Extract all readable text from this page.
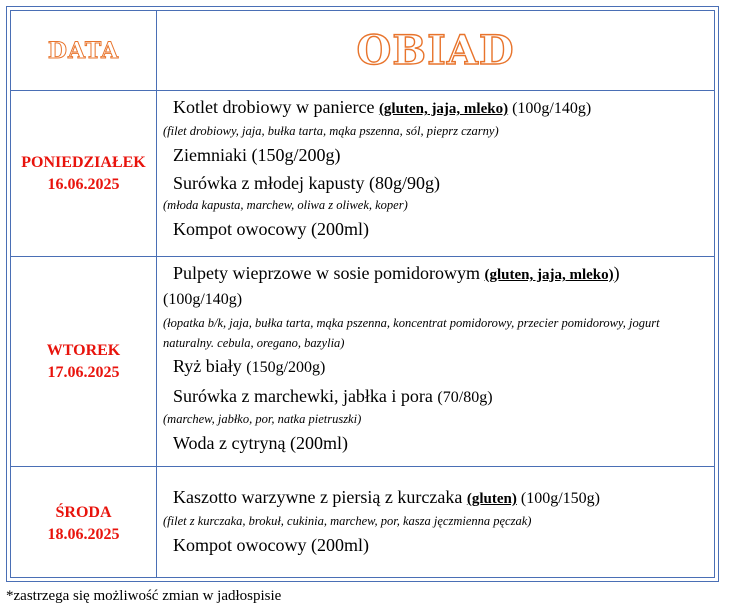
DATA	OBIAD
PONIEDZIAŁEK
16.06.2025
Kotlet drobiowy w panierce (gluten, jaja, mleko) (100g/140g)
(filet drobiowy, jaja, bułka tarta, mąka pszenna, sól, pieprz czarny)
Ziemniaki (150g/200g)
Surówka z młodej kapusty (80g/90g)
(młoda kapusta, marchew, oliwa z oliwek, koper)
Kompot owocowy (200ml)
WTOREK
17.06.2025
Pulpety wieprzowe w sosie pomidorowym (gluten, jaja, mleko))
(100g/140g)
(łopatka b/k, jaja, bułka tarta, mąka pszenna, koncentrat pomidorowy, przecier pomidorowy, jogurt naturalny. cebula, oregano, bazylia)
Ryż biały (150g/200g)
Surówka z marchewki, jabłka i pora (70/80g)
(marchew, jabłko, por, natka pietruszki)
Woda z cytryną (200ml)
ŚRODA
18.06.2025
Kaszotto warzywne z piersią z kurczaka (gluten) (100g/150g)
(filet z kurczaka, brokuł, cukinia, marchew, por, kasza jęczmienna pęczak)
Kompot owocowy (200ml)
*zastrzega się możliwość zmian w jadłospisie
